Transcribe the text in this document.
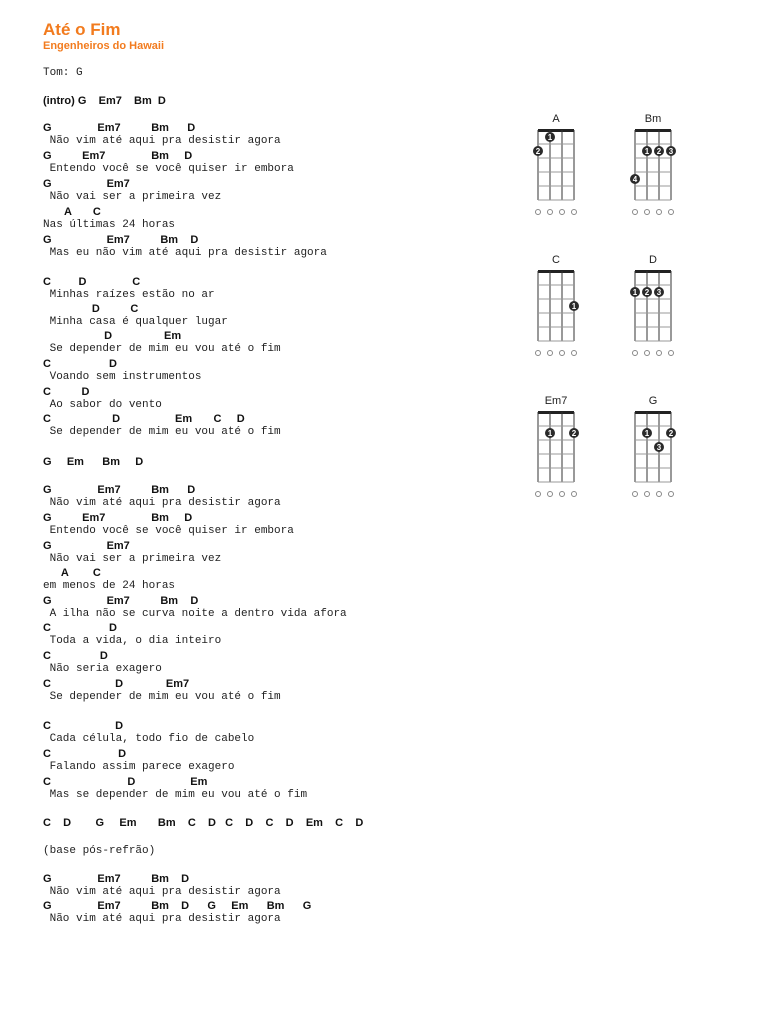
Até o Fim
Engenheiros do Hawaii
Tom: G
(intro) G    Em7    Bm  D
G               Em7          Bm      D
Não vim até aqui pra desistir agora
G          Em7               Bm     D
Entendo você se você quiser ir embora
G                  Em7
Não vai ser a primeira vez
A       C
Nas últimas 24 horas
G                  Em7          Bm    D
Mas eu não vim até aqui pra desistir agora
C         D               C
Minhas raízes estão no ar
D          C
Minha casa é qualquer lugar
D                 Em
Se depender de mim eu vou até o fim
C                   D
Voando sem instrumentos
C          D
Ao sabor do vento
C                    D                  Em       C     D
Se depender de mim eu vou até o fim
G     Em      Bm     D
G               Em7          Bm      D
Não vim até aqui pra desistir agora
G          Em7               Bm     D
Entendo você se você quiser ir embora
G                  Em7
Não vai ser a primeira vez
A        C
em menos de 24 horas
G                  Em7          Bm    D
A ilha não se curva noite a dentro vida afora
C                   D
Toda a vida, o dia inteiro
C                D
Não seria exagero
C                     D              Em7
Se depender de mim eu vou até o fim
C                     D
Cada célula, todo fio de cabelo
C                      D
Falando assim parece exagero
C                         D                  Em
Mas se depender de mim eu vou até o fim
C    D        G     Em       Bm    C    D   C    D    C    D    Em    C    D
(base pós-refrão)
G               Em7          Bm    D
Não vim até aqui pra desistir agora
G               Em7          Bm    D      G     Em      Bm      G
Não vim até aqui pra desistir agora
A
1
2
Bm
1 2 3
4
C
1
D
1 2 3
Em7
1 2
G
1 2
3
